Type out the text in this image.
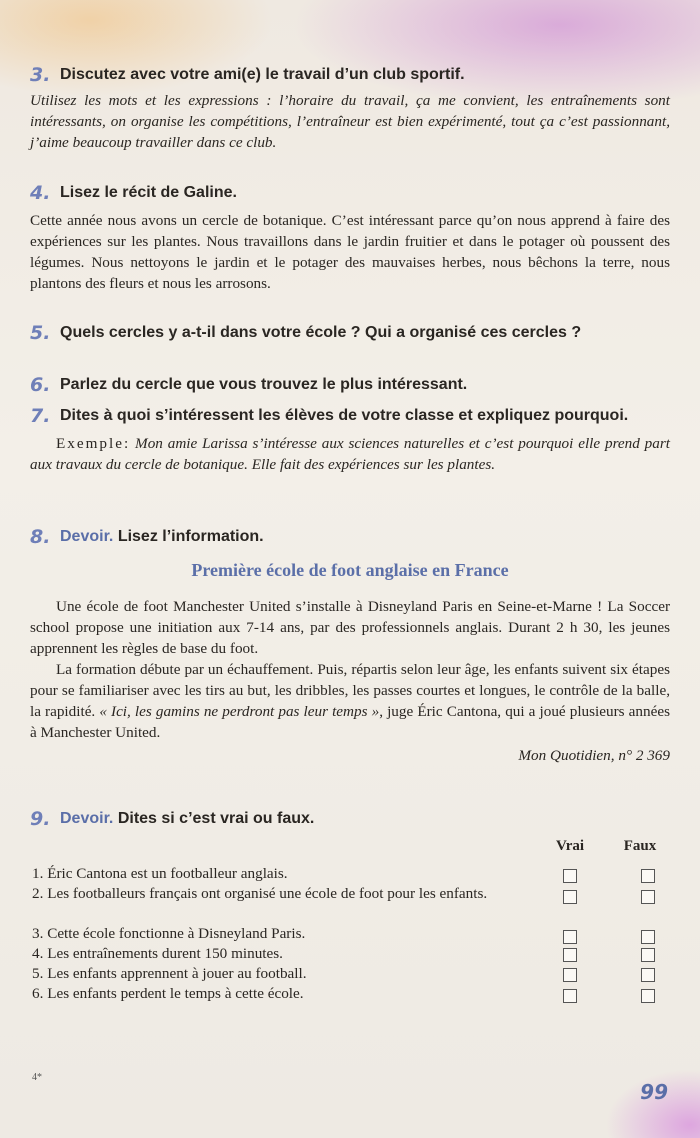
3. Discutez avec votre ami(e) le travail d’un club sportif.

Utilisez les mots et les expressions : l’horaire du travail, ça me convient, les entraînements sont intéressants, on organise les compétitions, l’entraîneur est bien expérimenté, tout ça c’est passionnant, j’aime beaucoup travailler dans ce club.

4. Lisez le récit de Galine.

Cette année nous avons un cercle de botanique. C’est intéressant parce qu’on nous apprend à faire des expériences sur les plantes. Nous travaillons dans le jardin fruitier et dans le potager où poussent des légumes. Nous nettoyons le jardin et le potager des mauvaises herbes, nous bêchons la terre, nous plantons des fleurs et nous les arrosons.

5. Quels cercles y a-t-il dans votre école ? Qui a organisé ces cercles ?
6. Parlez du cercle que vous trouvez le plus intéressant.
7. Dites à quoi s’intéressent les élèves de votre classe et expliquez pourquoi.

Exemple: Mon amie Larissa s’intéresse aux sciences naturelles et c’est pourquoi elle prend part aux travaux du cercle de botanique. Elle fait des expériences sur les plantes.

8. Devoir. Lisez l’information.
Première école de foot anglaise en France

Une école de foot Manchester United s’installe à Disneyland Paris en Seine-et-Marne ! La Soccer school propose une initiation aux 7-14 ans, par des professionnels anglais. Durant 2 h 30, les jeunes apprennent les règles de base du foot.

La formation débute par un échauffement. Puis, répartis selon leur âge, les enfants suivent six étapes pour se familiariser avec les tirs au but, les dribbles, les passes courtes et longues, le contrôle de la balle, la rapidité. « Ici, les gamins ne perdront pas leur temps », juge Éric Cantona, qui a joué plusieurs années à Manchester United.

Mon Quotidien, n° 2 369

9. Devoir. Dites si c’est vrai ou faux.
Vrai	Faux
1. Éric Cantona est un footballeur anglais.
2. Les footballeurs français ont organisé une école de foot pour les enfants.
3. Cette école fonctionne à Disneyland Paris.
4. Les entraînements durent 150 minutes.
5. Les enfants apprennent à jouer au football.
6. Les enfants perdent le temps à cette école.
4*
99
